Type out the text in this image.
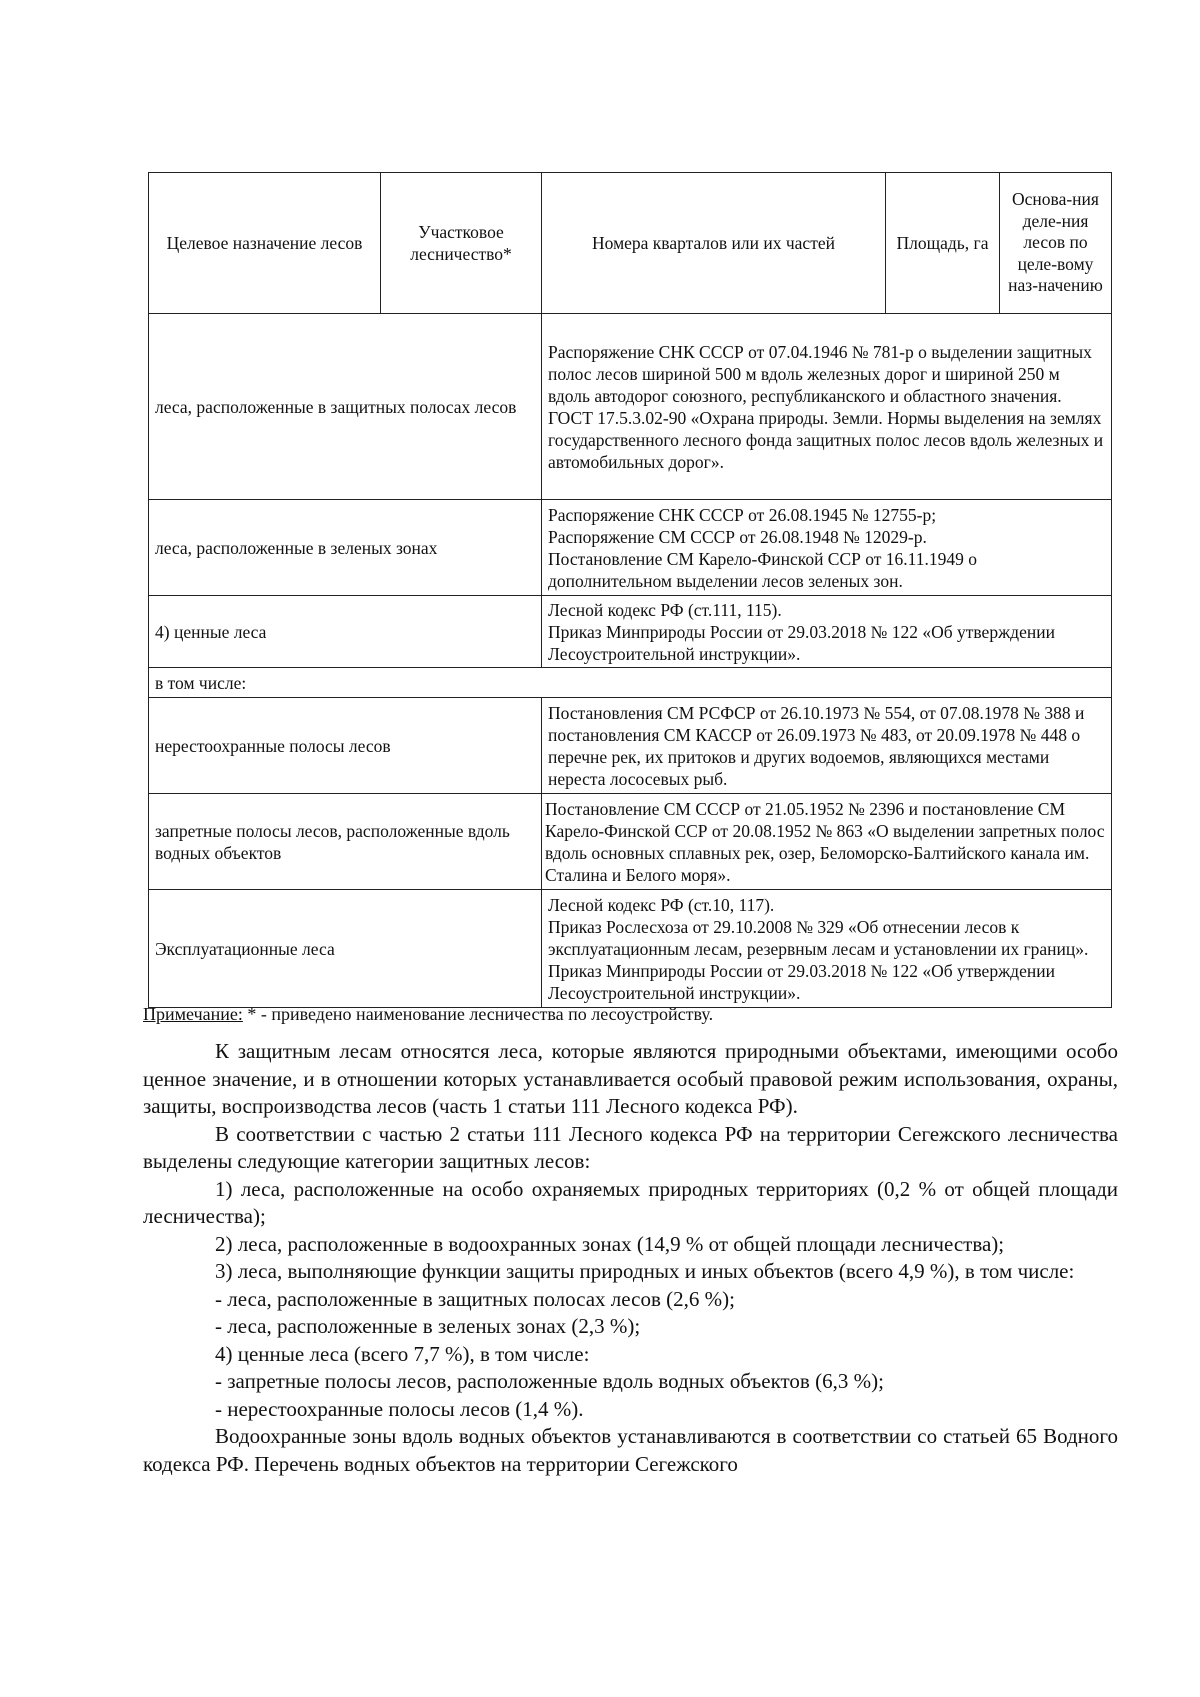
Целевое назначение лесов	Участковое лесничество*	Номера кварталов или их частей	Площадь, га	Основа-ния деле-ния лесов по целе-вому наз-начению
леса, расположенные в защитных полосах лесов		Распоряжение СНК СССР от 07.04.1946 № 781-р о выделении защитных полос лесов шириной 500 м вдоль железных дорог и шириной 250 м вдоль автодорог союзного, республиканского и областного значения.
ГОСТ 17.5.3.02-90 «Охрана природы. Земли. Нормы выделения на землях государственного лесного фонда защитных полос лесов вдоль железных и автомобильных дорог».		
леса, расположенные в зеленых зонах		Распоряжение СНК СССР от 26.08.1945 № 12755-р;
Распоряжение СМ СССР от 26.08.1948 № 12029-р.
Постановление СМ Карело-Финской ССР от 16.11.1949 о дополнительном выделении лесов зеленых зон.		
4) ценные леса		Лесной кодекс РФ (ст.111, 115).
Приказ Минприроды России от 29.03.2018 № 122 «Об утверждении Лесоустроительной инструкции».		
в том числе:				
нерестоохранные полосы лесов		Постановления СМ РСФСР от 26.10.1973 № 554, от 07.08.1978 № 388 и постановления СМ КАССР от 26.09.1973 № 483, от 20.09.1978 № 448 о перечне рек, их притоков и других водоемов, являющихся местами нереста лососевых рыб.		
запретные полосы лесов, расположенные вдоль водных объектов		Постановление СМ СССР от 21.05.1952 № 2396 и постановление СМ Карело-Финской ССР от 20.08.1952 № 863 «О выделении запретных полос вдоль основных сплавных рек, озер, Беломорско-Балтийского канала им. Сталина и Белого моря».		
Эксплуатационные леса		Лесной кодекс РФ (ст.10, 117).
Приказ Рослесхоза от 29.10.2008 № 329 «Об отнесении лесов к эксплуатационным лесам, резервным лесам и установлении их границ». Приказ Минприроды России от 29.03.2018 № 122 «Об утверждении Лесоустроительной инструкции».		
Примечание: * - приведено наименование лесничества по лесоустройству.

К защитным лесам относятся леса, которые являются природными объектами, имеющими особо ценное значение, и в отношении которых устанавливается особый правовой режим использования, охраны, защиты, воспроизводства лесов (часть 1 статьи 111 Лесного кодекса РФ).

В соответствии с частью 2 статьи 111 Лесного кодекса РФ на территории Сегежского лесничества выделены следующие категории защитных лесов:

1) леса, расположенные на особо охраняемых природных территориях (0,2 % от общей площади лесничества);

2) леса, расположенные в водоохранных зонах (14,9 % от общей площади лесничества);

3) леса, выполняющие функции защиты природных и иных объектов (всего 4,9 %), в том числе:

- леса, расположенные в защитных полосах лесов (2,6 %);

- леса, расположенные в зеленых зонах (2,3 %);

4) ценные леса (всего 7,7 %), в том числе:

- запретные полосы лесов, расположенные вдоль водных объектов (6,3 %);

- нерестоохранные полосы лесов (1,4 %).

Водоохранные зоны вдоль водных объектов устанавливаются в соответствии со статьей 65 Водного кодекса РФ. Перечень водных объектов на территории Сегежского
